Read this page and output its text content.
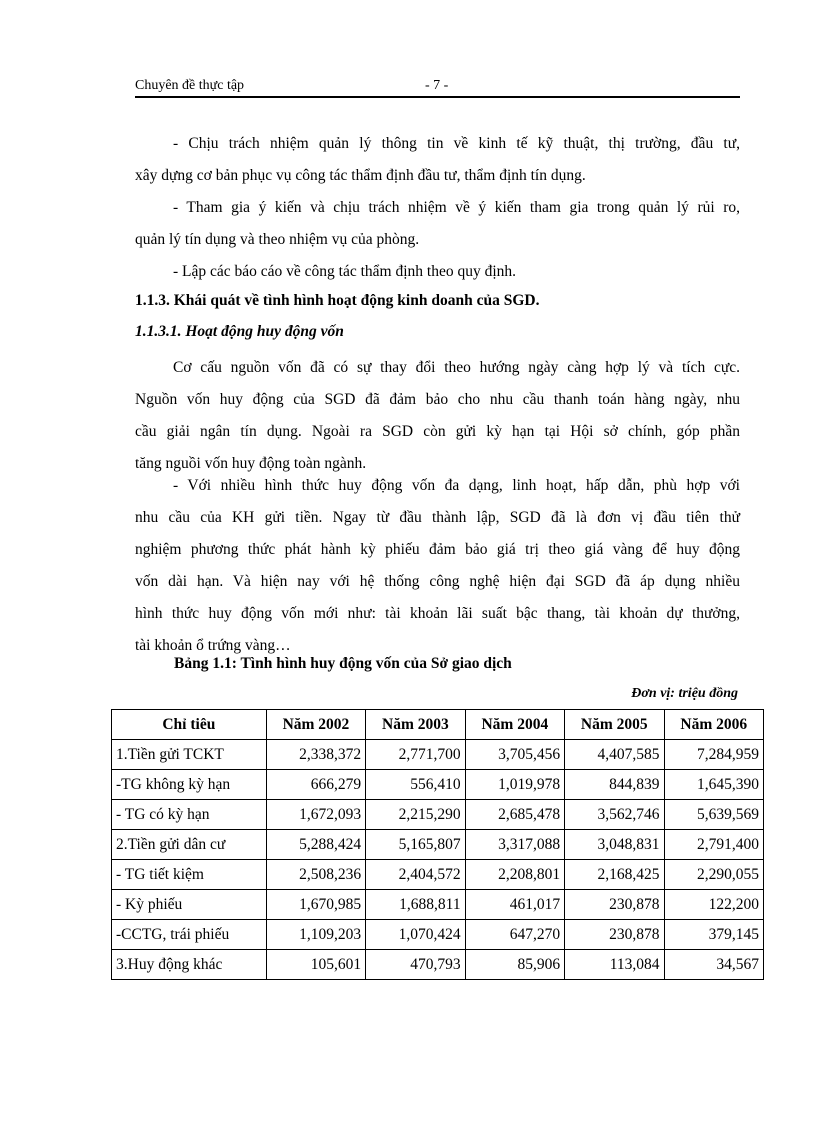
Chuyên đề thực tập	- 7 -
- Chịu trách nhiệm quản lý thông tin về kinh tế kỹ thuật, thị trường, đầu tư,
xây dựng cơ bản phục vụ công tác thẩm định đầu tư, thẩm định tín dụng.
- Tham gia ý kiến và chịu trách nhiệm về ý kiến tham gia trong quản lý rủi ro,
quản lý tín dụng và theo nhiệm vụ của phòng.
- Lập các báo cáo về công tác thẩm định theo quy định.
1.1.3. Khái quát về tình hình hoạt động kinh doanh của SGD.
1.1.3.1. Hoạt động huy động vốn
Cơ cấu nguồn vốn đã có sự thay đổi theo hướng ngày càng hợp lý và tích cực.
Nguồn vốn huy động của SGD đã đảm bảo cho nhu cầu thanh toán hàng ngày, nhu
cầu giải ngân tín dụng. Ngoài ra SGD còn gửi kỳ hạn tại Hội sở chính, góp phần
tăng nguồi vốn huy động toàn ngành.
- Với nhiều hình thức huy động vốn đa dạng, linh hoạt, hấp dẫn, phù hợp với
nhu cầu của KH gửi tiền. Ngay từ đầu thành lập, SGD đã là đơn vị đầu tiên thử
nghiệm phương thức phát hành kỳ phiếu đảm bảo giá trị theo giá vàng để huy động
vốn dài hạn. Và hiện nay với hệ thống công nghệ hiện đại SGD đã áp dụng nhiều
hình thức huy động vốn mới như: tài khoản lãi suất bậc thang, tài khoản dự thưởng,
tài khoản ổ trứng vàng…
Bảng 1.1: Tình hình huy động vốn của Sở giao dịch
Đơn vị: triệu đồng
Chỉ tiêu	Năm 2002	Năm 2003	Năm 2004	Năm 2005	Năm 2006
1.Tiền gửi TCKT	2,338,372	2,771,700	3,705,456	4,407,585	7,284,959
-TG không kỳ hạn	666,279	556,410	1,019,978	844,839	1,645,390
- TG có kỳ hạn	1,672,093	2,215,290	2,685,478	3,562,746	5,639,569
2.Tiền gửi dân cư	5,288,424	5,165,807	3,317,088	3,048,831	2,791,400
- TG tiết kiệm	2,508,236	2,404,572	2,208,801	2,168,425	2,290,055
- Kỳ phiếu	1,670,985	1,688,811	461,017	230,878	122,200
-CCTG, trái phiếu	1,109,203	1,070,424	647,270	230,878	379,145
3.Huy động khác	105,601	470,793	85,906	113,084	34,567
